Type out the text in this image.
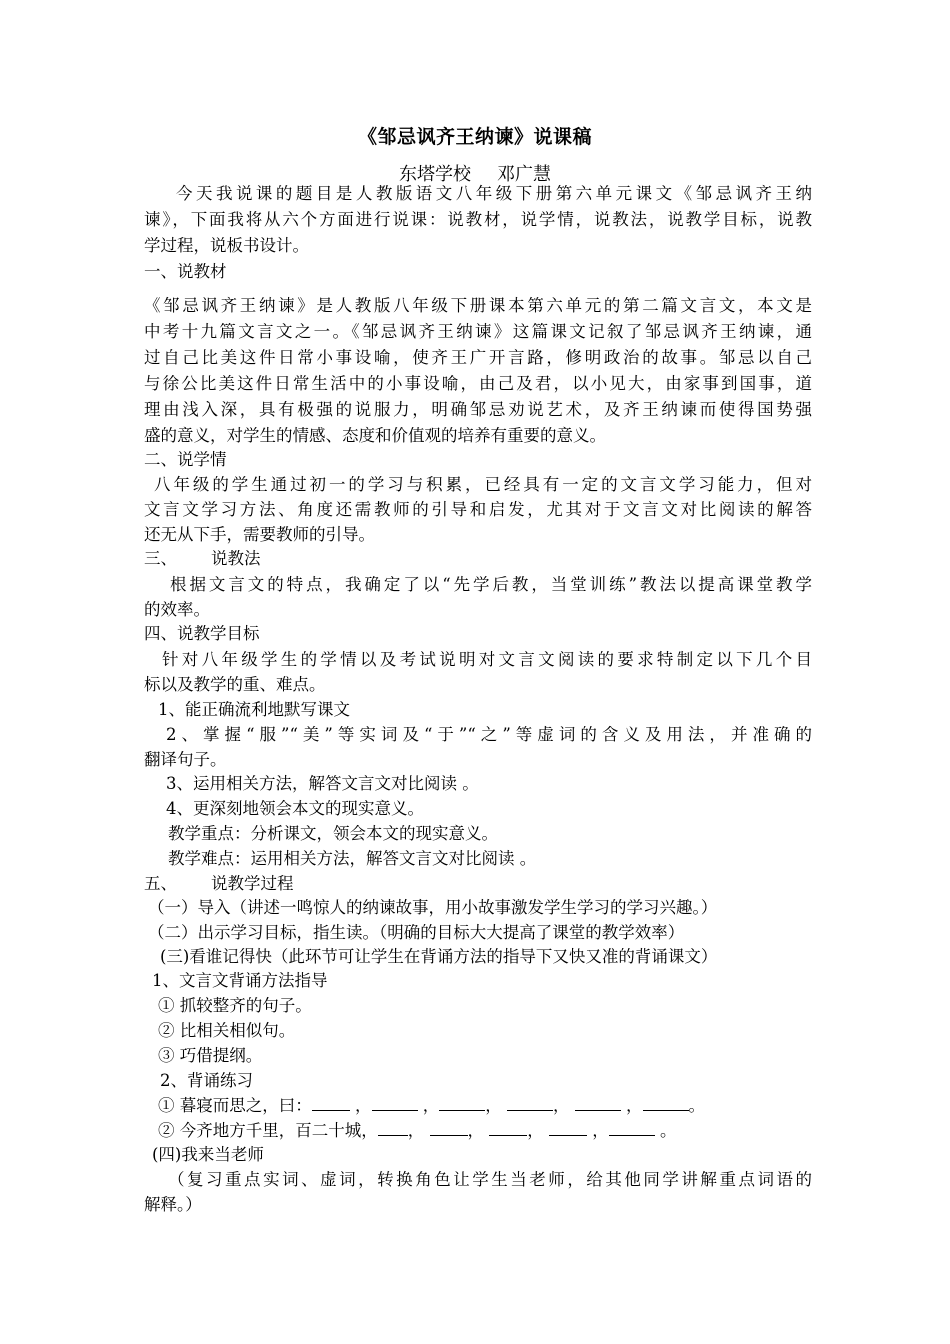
《邹忌讽齐王纳谏》说课稿
东塔学校 邓广慧
今天我说课的题目是人教版语文八年级下册第六单元课文《邹忌讽齐王纳
谏》，下面我将从六个方面进行说课：说教材，说学情，说教法，说教学目标，说教
学过程，说板书设计。
一、说教材
《邹忌讽齐王纳谏》是人教版八年级下册课本第六单元的第二篇文言文，本文是
中考十九篇文言文之一。《邹忌讽齐王纳谏》这篇课文记叙了邹忌讽齐王纳谏，通
过自己比美这件日常小事设喻，使齐王广开言路，修明政治的故事。邹忌以自己
与徐公比美这件日常生活中的小事设喻，由己及君，以小见大，由家事到国事，道
理由浅入深，具有极强的说服力，明确邹忌劝说艺术，及齐王纳谏而使得国势强
盛的意义，对学生的情感、态度和价值观的培养有重要的意义。
二、说学情
八年级的学生通过初一的学习与积累，已经具有一定的文言文学习能力，但对
文言文学习方法、角度还需教师的引导和启发，尤其对于文言文对比阅读的解答
还无从下手，需要教师的引导。
三、 说教法
根据文言文的特点，我确定了以“先学后教，当堂训练”教法以提高课堂教学
的效率。
四、说教学目标
针对八年级学生的学情以及考试说明对文言文阅读的要求特制定以下几个目
标以及教学的重、难点。
1、能正确流利地默写课文
2、掌握“服”“美”等实词及“于”“之”等虚词的含义及用法，并准确的
翻译句子。
3、运用相关方法，解答文言文对比阅读 。
4、更深刻地领会本文的现实意义。
教学重点：分析课文，领会本文的现实意义。
教学难点：运用相关方法，解答文言文对比阅读 。
五、 说教学过程
（一）导入（讲述一鸣惊人的纳谏故事，用小故事激发学生学习的学习兴趣。）
（二）出示学习目标，指生读。（明确的目标大大提高了课堂的教学效率）
(三)看谁记得快（此环节可让学生在背诵方法的指导下又快又准的背诵课文）
1、文言文背诵方法指导
① 抓较整齐的句子。
② 比相关相似句。
③ 巧借提纲。
2、背诵练习
① 暮寝而思之，曰： ，	，	，	，	，	。
② 今齐地方千里，百二十城， ， ， ，  ，	。
(四)我来当老师
（复习重点实词、虚词，转换角色让学生当老师，给其他同学讲解重点词语的
解释。）
